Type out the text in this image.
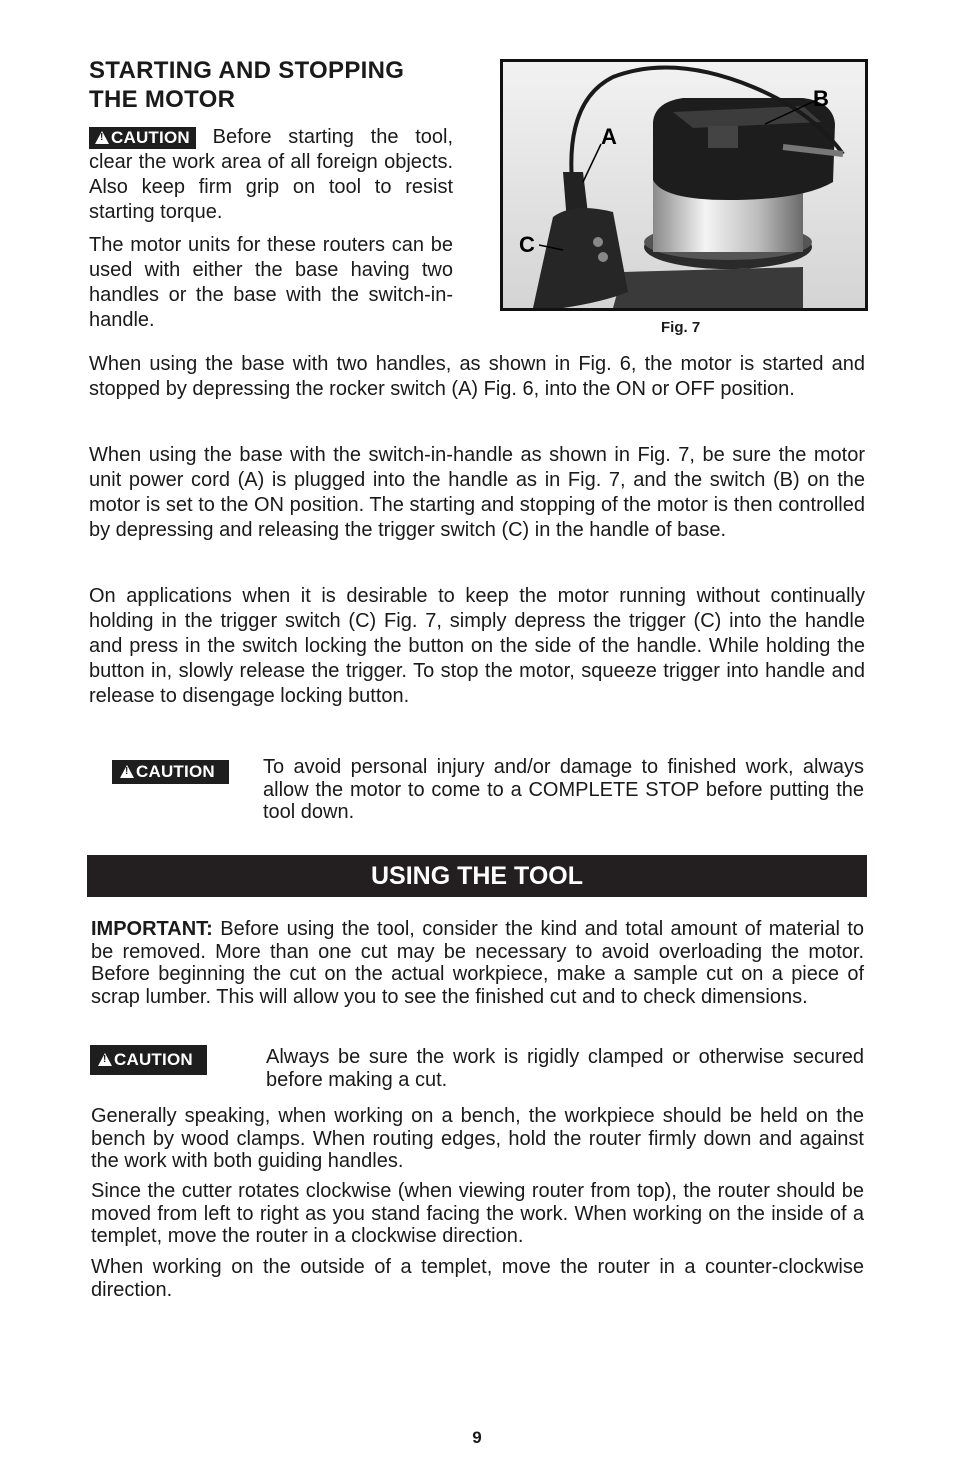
STARTING AND STOPPING THE MOTOR
!CAUTION Before starting the tool, clear the work area of all foreign objects. Also keep firm grip on tool to resist starting torque.
The motor units for these routers can be used with either the base having two handles or the base with the switch-in-handle.
A
B
C
Fig. 7
When using the base with two handles, as shown in Fig. 6, the motor is started and stopped by depressing the rocker switch (A) Fig. 6, into the ON or OFF position.
When using the base with the switch-in-handle as shown in Fig. 7, be sure the motor unit power cord (A) is plugged into the handle as in Fig. 7, and the switch (B) on the motor is set to the ON position. The starting and stopping of the motor is then controlled by depressing and releasing the trigger switch (C) in the handle of base.
On applications when it is desirable to keep the motor running without continually holding in the trigger switch (C) Fig. 7, simply depress the trigger (C) into the handle and press in the switch locking the button on the side of the handle. While holding the button in, slowly release the trigger. To stop the motor, squeeze trigger into handle and release to disengage locking button.
!CAUTION	To avoid personal injury and/or damage to finished work, always allow the motor to come to a COMPLETE STOP before putting the tool down.
USING THE TOOL
IMPORTANT: Before using the tool, consider the kind and total amount of material to be removed. More than one cut may be necessary to avoid overloading the motor. Before beginning the cut on the actual workpiece, make a sample cut on a piece of scrap lumber. This will allow you to see the finished cut and to check dimensions.
!CAUTION	Always be sure the work is rigidly clamped or otherwise secured before making a cut.
Generally speaking, when working on a bench, the workpiece should be held on the bench by wood clamps. When routing edges, hold the router firmly down and against the work with both guiding handles.
Since the cutter rotates clockwise (when viewing router from top), the router should be moved from left to right as you stand facing the work. When working on the inside of a templet, move the router in a clockwise direction.
When working on the outside of a templet, move the router in a counter-clockwise direction.
9
